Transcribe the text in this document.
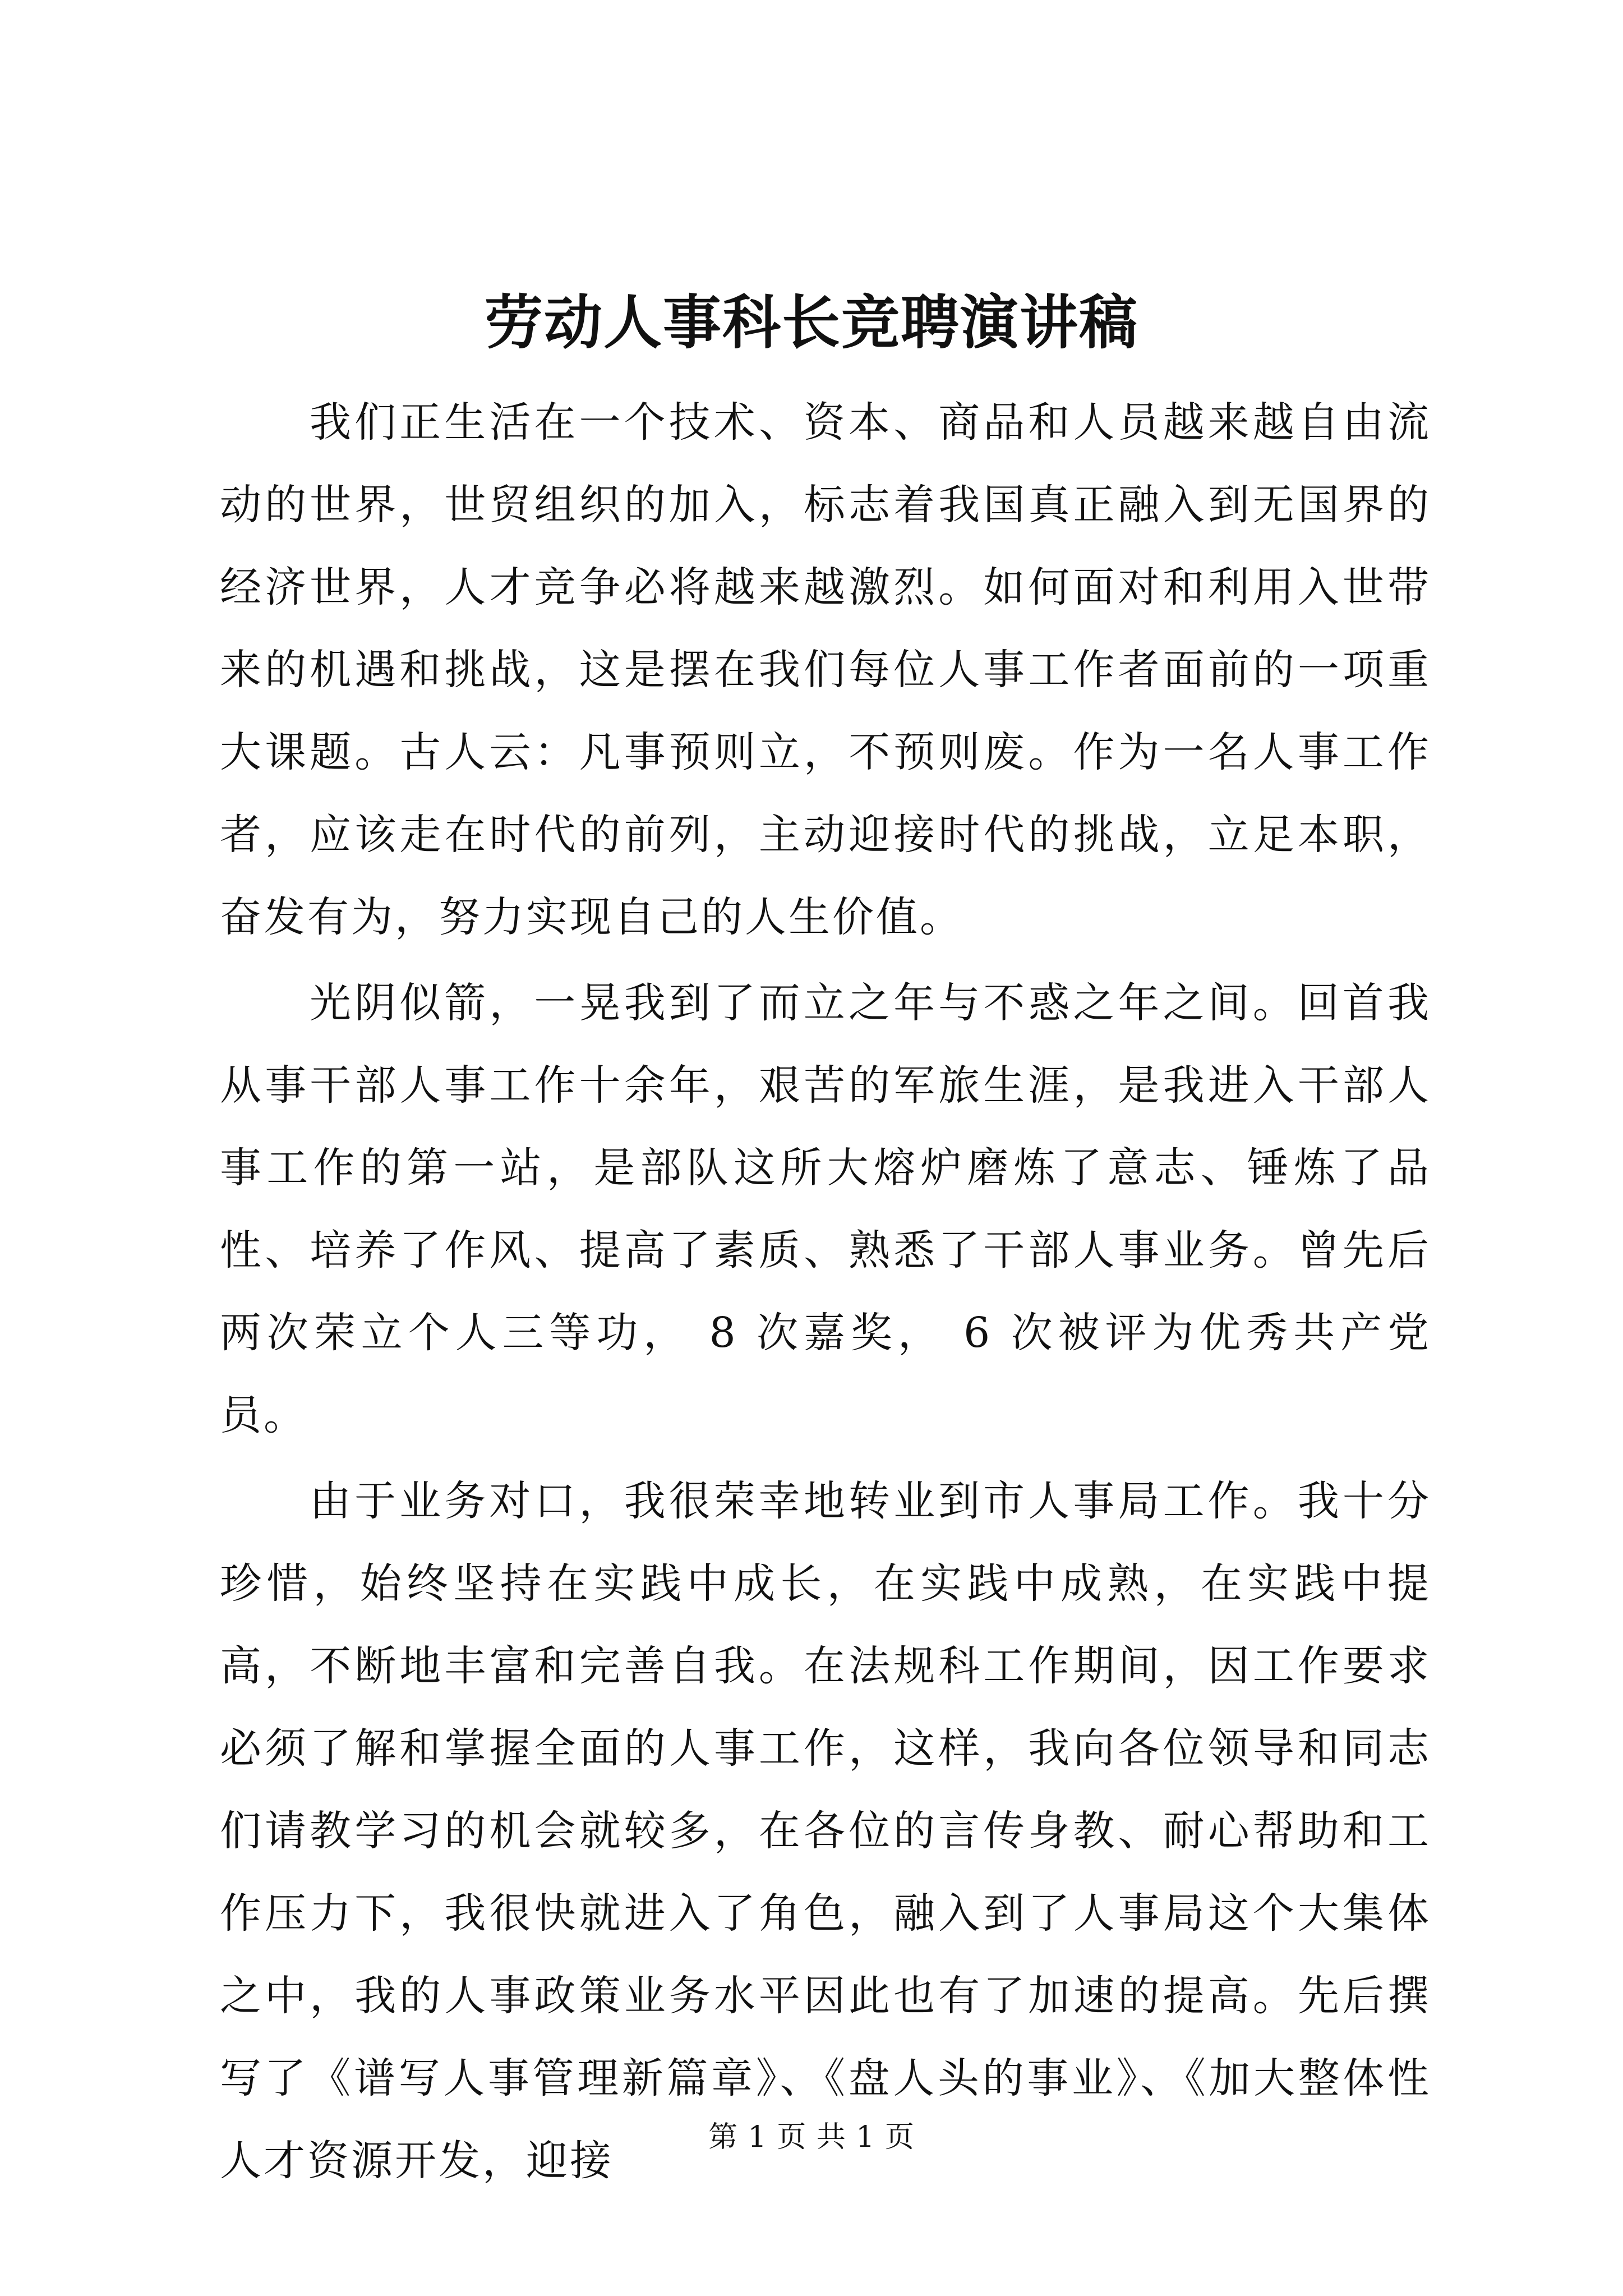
劳动人事科长竞聘演讲稿

我们正生活在一个技术、资本、商品和人员越来越自由流动的世界，世贸组织的加入，标志着我国真正融入到无国界的经济世界，人才竞争必将越来越激烈。如何面对和利用入世带来的机遇和挑战，这是摆在我们每位人事工作者面前的一项重大课题。古人云：凡事预则立，不预则废。作为一名人事工作者，应该走在时代的前列，主动迎接时代的挑战，立足本职，奋发有为，努力实现自己的人生价值。

光阴似箭，一晃我到了而立之年与不惑之年之间。回首我从事干部人事工作十余年，艰苦的军旅生涯，是我进入干部人事工作的第一站，是部队这所大熔炉磨炼了意志、锤炼了品性、培养了作风、提高了素质、熟悉了干部人事业务。曾先后两次荣立个人三等功， 8 次嘉奖， 6 次被评为优秀共产党员。

由于业务对口，我很荣幸地转业到市人事局工作。我十分珍惜，始终坚持在实践中成长，在实践中成熟，在实践中提高，不断地丰富和完善自我。在法规科工作期间，因工作要求必须了解和掌握全面的人事工作，这样，我向各位领导和同志们请教学习的机会就较多，在各位的言传身教、耐心帮助和工作压力下，我很快就进入了角色，融入到了人事局这个大集体之中，我的人事政策业务水平因此也有了加速的提高。先后撰写了《谱写人事管理新篇章》、《盘人头的事业》、《加大整体性人才资源开发，迎接	第 1 页 共 1 页
